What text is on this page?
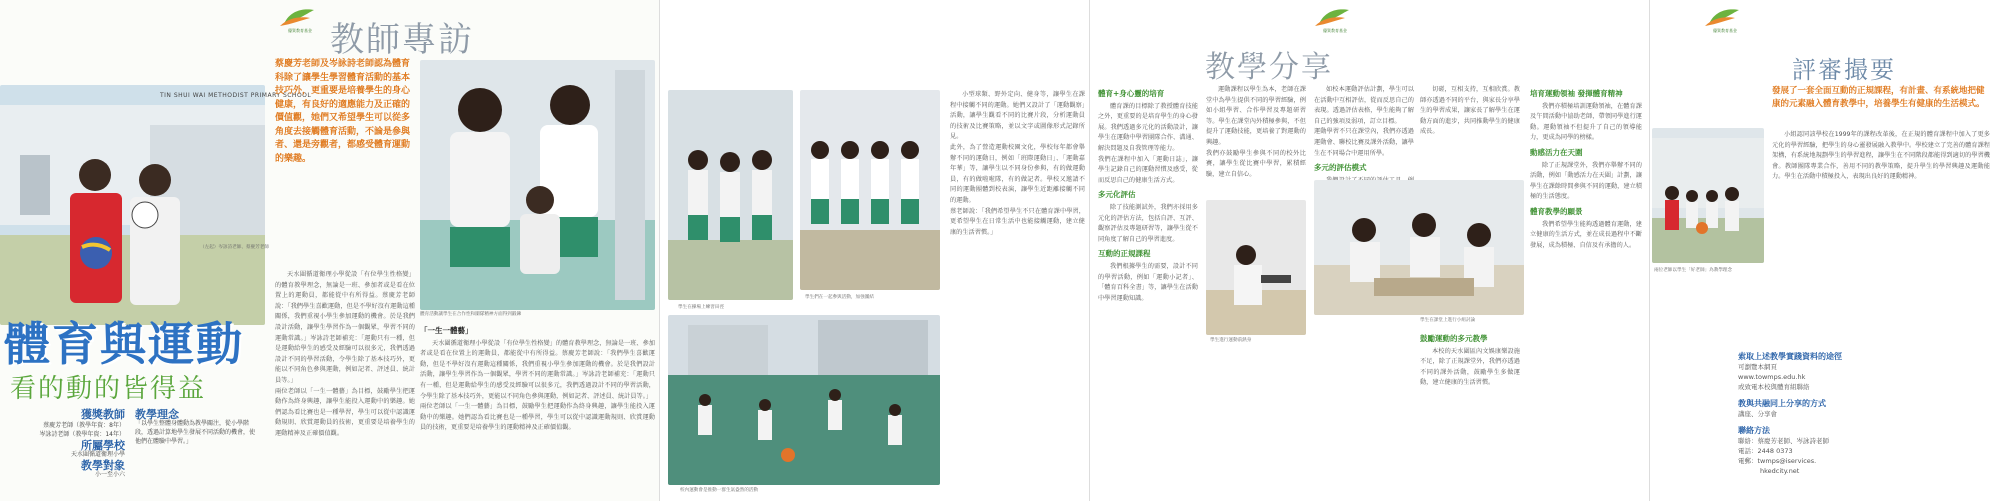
優質教育基金 教師專訪
TIN SHUI WAI METHODIST PRIMARY SCHOOL
（左起）岑詠詩老師、蔡慶芳老師
蔡慶芳老師及岑詠詩老師認為體育科除了讓學生學習體育活動的基本技巧外，更重要是培養學生的身心健康，有良好的適應能力及正確的價值觀，她們又希望學生可以從多角度去接觸體育活動，不論是參與者、還是旁觀者，都感受體育運動的樂趣。
體育與運動
看的動的皆得益
獲獎教師
蔡慶芳老師（教學年資：8年）
岑詠詩老師（教學年資：14年）
所屬學校
天水圍循道衛理小學
教學對象
小一至小六
教學理念
「以學生整體身體動為教學關注，從小學階段，透過計算地學生發展不同活動的機會，使他們在體驗中學習。」

天水圍循道衛理小學從設「有位學生性格變」的體育教學理念，無論是一班、參加者或是看在位置上的運動員，都能從中有所得益。蔡慶芳老師說：「我們學生喜歡運動，但是不學好沒有運動這種關係，我們重視小學生參加運動的機會。於是我們設計活動，讓學生學習作為一個觀眾，學習不同的運動常識。」岑詠詩老師補充：「運動只有一種，但是運動給學生的感受及經驗可以很多元，我們透過設計不同的學習活動，令學生除了基本技巧外，更能以不同角色參與運動，例如記者、評述員、統計員等。」
兩位老師以「一生一體藝」為目標，鼓勵學生把運動作為終身興趣，讓學生能投入運動中的樂趣。她們認為看比賽也是一種學習，學生可以從中認識運動規則、欣賞運動員的技術，更重要是培養學生的運動精神及正確價值觀。

體育活動讓學生在合作性和團隊精神方面得到鍛鍊
「一生一體藝」

天水圍循道衛理小學從設「有位學生性格變」的體育教學理念，無論是一班、參加者或是看在位置上的運動員，都能從中有所得益。蔡慶芳老師說：「我們學生喜歡運動，但是不學好沒有運動這種關係，我們重視小學生參加運動的機會。於是我們設計活動，讓學生學習作為一個觀眾，學習不同的運動常識。」岑詠詩老師補充：「運動只有一種，但是運動給學生的感受及經驗可以很多元，我們透過設計不同的學習活動，令學生除了基本技巧外，更能以不同角色參與運動，例如記者、評述員、統計員等。」
兩位老師以「一生一體藝」為目標，鼓勵學生把運動作為終身興趣，讓學生能投入運動中的樂趣。她們認為看比賽也是一種學習，學生可以從中認識運動規則、欣賞運動員的技術，更重要是培養學生的運動精神及正確價值觀。

學生在操場上練習田徑
學生們在一起參與活動，加強團結

小型球類、野外定向、健身等，讓學生在課程中接觸不同的運動。她們又設計了「運動觀察」活動，讓學生觀看不同的比賽片段，分析運動員的技術及比賽策略，並以文字或圖像形式記錄所見。
此外，為了營造運動校園文化，學校每年都會舉辦不同的運動日，例如「班際運動日」、「運動嘉年華」等，讓學生以不同身份參與，有的做運動員，有的做啦啦隊，有的做記者。學校又邀請不同的運動團體到校表演，讓學生近距離接觸不同的運動。
蔡老師說：「我們希望學生不只在體育課中學習，更希望學生在日常生活中也能接觸運動，建立健康的生活習慣。」

校內運動會是推動一群生氣盎然的活動
優質教育基金
教學分享
體育+身心靈的培育

體育課的目標除了教授體育技能之外，更重要的是培育學生的身心發展。我們透過多元化的活動設計，讓學生在運動中學習團隊合作、溝通、解決問題及自我管理等能力。
我們在課程中加入「運動日誌」，讓學生記錄自己的運動習慣及感受，從而反思自己的健康生活方式。

多元化評估

除了技能測試外，我們亦採用多元化的評估方法，包括自評、互評、觀察評估及專題研習等，讓學生從不同角度了解自己的學習進度。

互動的正規課程

我們根據學生的需要，設計不同的學習活動，例如「運動小記者」、「體育百科全書」等，讓學生在活動中學習運動知識。

運動課程以學生為本，老師在課堂中為學生提供不同的學習經驗，例如小組學習、合作學習及專題研習等。學生在課堂內外積極參與，不但提升了運動技能，更培養了對運動的興趣。
我們亦鼓勵學生參與不同的校外比賽，讓學生從比賽中學習，累積經驗，建立自信心。

如校本運動評估計劃，學生可以在活動中互相評估，從而反思自己的表現。透過評估表格，學生能夠了解自己的強項及弱項，訂立目標。
運動學習不只在課堂內，我們亦透過運動會、聯校比賽及課外活動，讓學生在不同場合中運用所學。

多元的評估模式

學生進行運動前熱身
學生在課堂上進行小組討論

切磋，互相支持，互相欣賞。教師亦透過不同的平台，與家長分享學生的學習成果，讓家長了解學生在運動方面的進步，共同推動學生的健康成長。

鼓勵運動的多元教學

本校的天水圍區內文娛康樂設施不足，除了正規課堂外，我們亦透過不同的課外活動，鼓勵學生多做運動，建立健康的生活習慣。

培育運動領袖 發揮體育精神

我們亦積極培訓運動領袖，在體育課及午間活動中協助老師，帶領同學進行運動。運動領袖不但提升了自己的領導能力，更成為同學的榜樣。

動感活力在天圍

除了正規課堂外，我們亦舉辦不同的活動，例如「動感活力在天圍」計劃，讓學生在課餘時間參與不同的運動，建立積極的生活態度。

體育教學的願景

我們希望學生能夠透過體育運動，建立健康的生活方式，並在成長過程中不斷發展，成為積極、自信及有承擔的人。

優質教育基金
評審撮要
發展了一套全面互動的正規課程，有計畫、有系統地把健康的元素融入體育教學中，培養學生有健康的生活模式。
兩位老師以學生「好老師」為教學理念

小組認同該學校在1999年的課程改革後，在正規的體育課程中加入了更多元化的學習經驗，把學生的身心靈發展融入教學中。學校建立了完善的體育課程架構，有系統地規劃學生的學習進程，讓學生在不同階段都能得到適切的學習機會。教師團隊專業合作，善用不同的教學策略，提升學生的學習興趣及運動能力。學生在活動中積極投入，表現出良好的運動精神。

索取上述教學實踐資料的途徑
可瀏覽本網頁
www.towmps.edu.hk
或致電本校與體育組聯絡
教與共融同上分享的方式
講座、分享會
聯絡方法
聯絡：蔡慶芳老師、岑詠詩老師
電話：2448 0373
電郵：twmps@iservices.
hkedcity.net
